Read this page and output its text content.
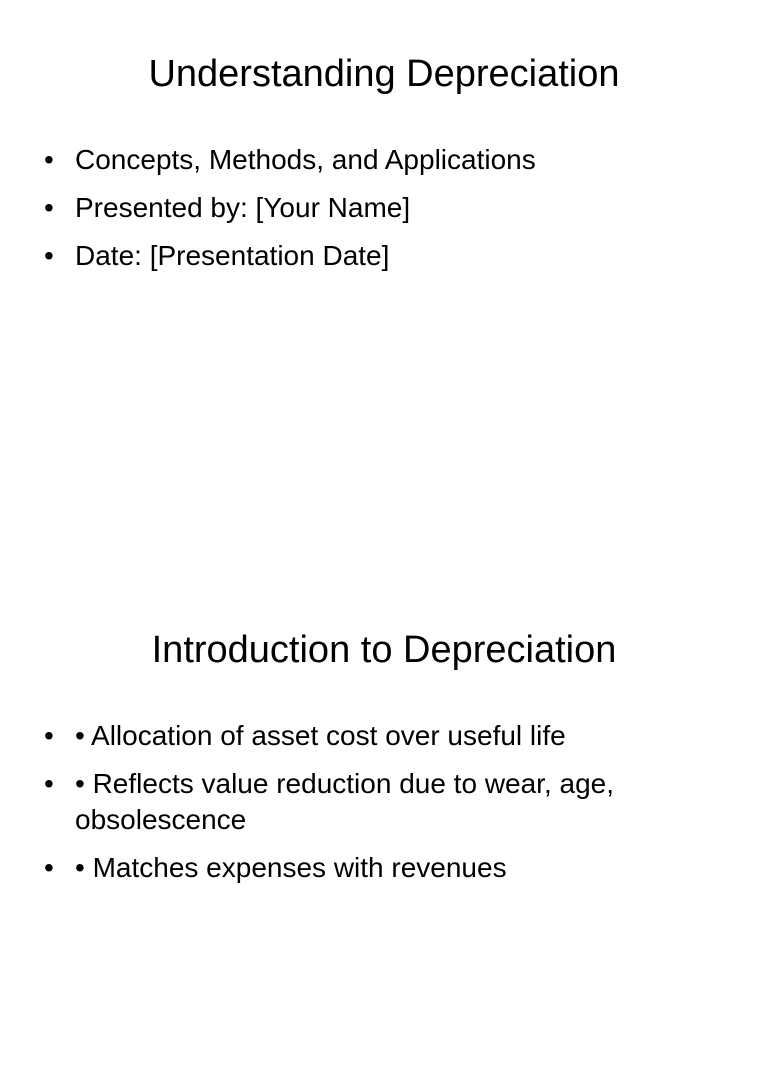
Understanding Depreciation
• Concepts, Methods, and Applications
• Presented by: [Your Name]
• Date: [Presentation Date]
Introduction to Depreciation
• • Allocation of asset cost over useful life
• • Reflects value reduction due to wear, age, obsolescence
• • Matches expenses with revenues
